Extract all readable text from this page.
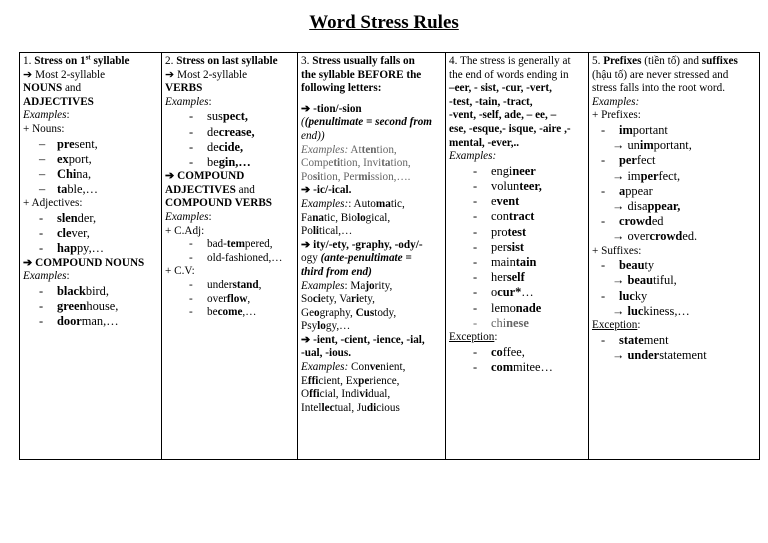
Word Stress Rules
1. Stress on 1st syllable
➔ Most 2-syllable
NOUNS and
ADJECTIVES
Examples:
+ Nouns:
– present,
– export,
– China,
– table,…
+ Adjectives:
- slender,
- clever,
- happy,…
➔ COMPOUND NOUNS
Examples:
- blackbird,
- greenhouse,
- doorman,…
2. Stress on last syllable
➔ Most 2-syllable
VERBS
Examples:
- suspect,
- decrease,
- decide,
- begin,…
➔ COMPOUND
ADJECTIVES and
COMPOUND VERBS
Examples:
+ C.Adj:
- bad-tempered,
- old-fashioned,…
+ C.V:
- understand,
- overflow,
- become,…
3. Stress usually falls on
the syllable BEFORE the
following letters:
➔ -tion/-sion
((penultimate = second from
end))
Examples: Attention,
Competition, Invitation,
Position, Permission,….
➔ -ic/-ical.
Examples:: Automatic,
Fanatic, Biological,
Political,…
➔ ity/-ety, -graphy, -ody/-
ogy (ante-penultimate =
third from end)
Examples: Majority,
Society, Variety,
Geography, Custody,
Psylogy,…
➔ -ient, -cient, -ience, -ial,
-ual, -ious.
Examples: Convenient,
Efficient, Experience,
Official, Individual,
Intellectual, Judicious
4. The stress is generally at
the end of words ending in
–eer, - sist, -cur, -vert,
-test, -tain, -tract,
-vent, -self, ade, – ee, –
ese, -esque,- isque, -aire ,-
mental, -ever,..
Examples:
- engineer
- volunteer,
- event
- contract
- protest
- persist
- maintain
- herself
- ocur*…
- lemonade
- chinese
Exception:
- coffee,
- commitee…
5. Prefixes (tiền tố) and suffixes
(hậu tố) are never stressed and
stress falls into the root word.
Examples:
+ Prefixes:
- important
→ unimportant,
- perfect
→ imperfect,
- appear
→ disappear,
- crowded
→ overcrowded.
+ Suffixes:
- beauty
→ beautiful,
- lucky
→ luckiness,…
Exception:
- statement
→ understatement
